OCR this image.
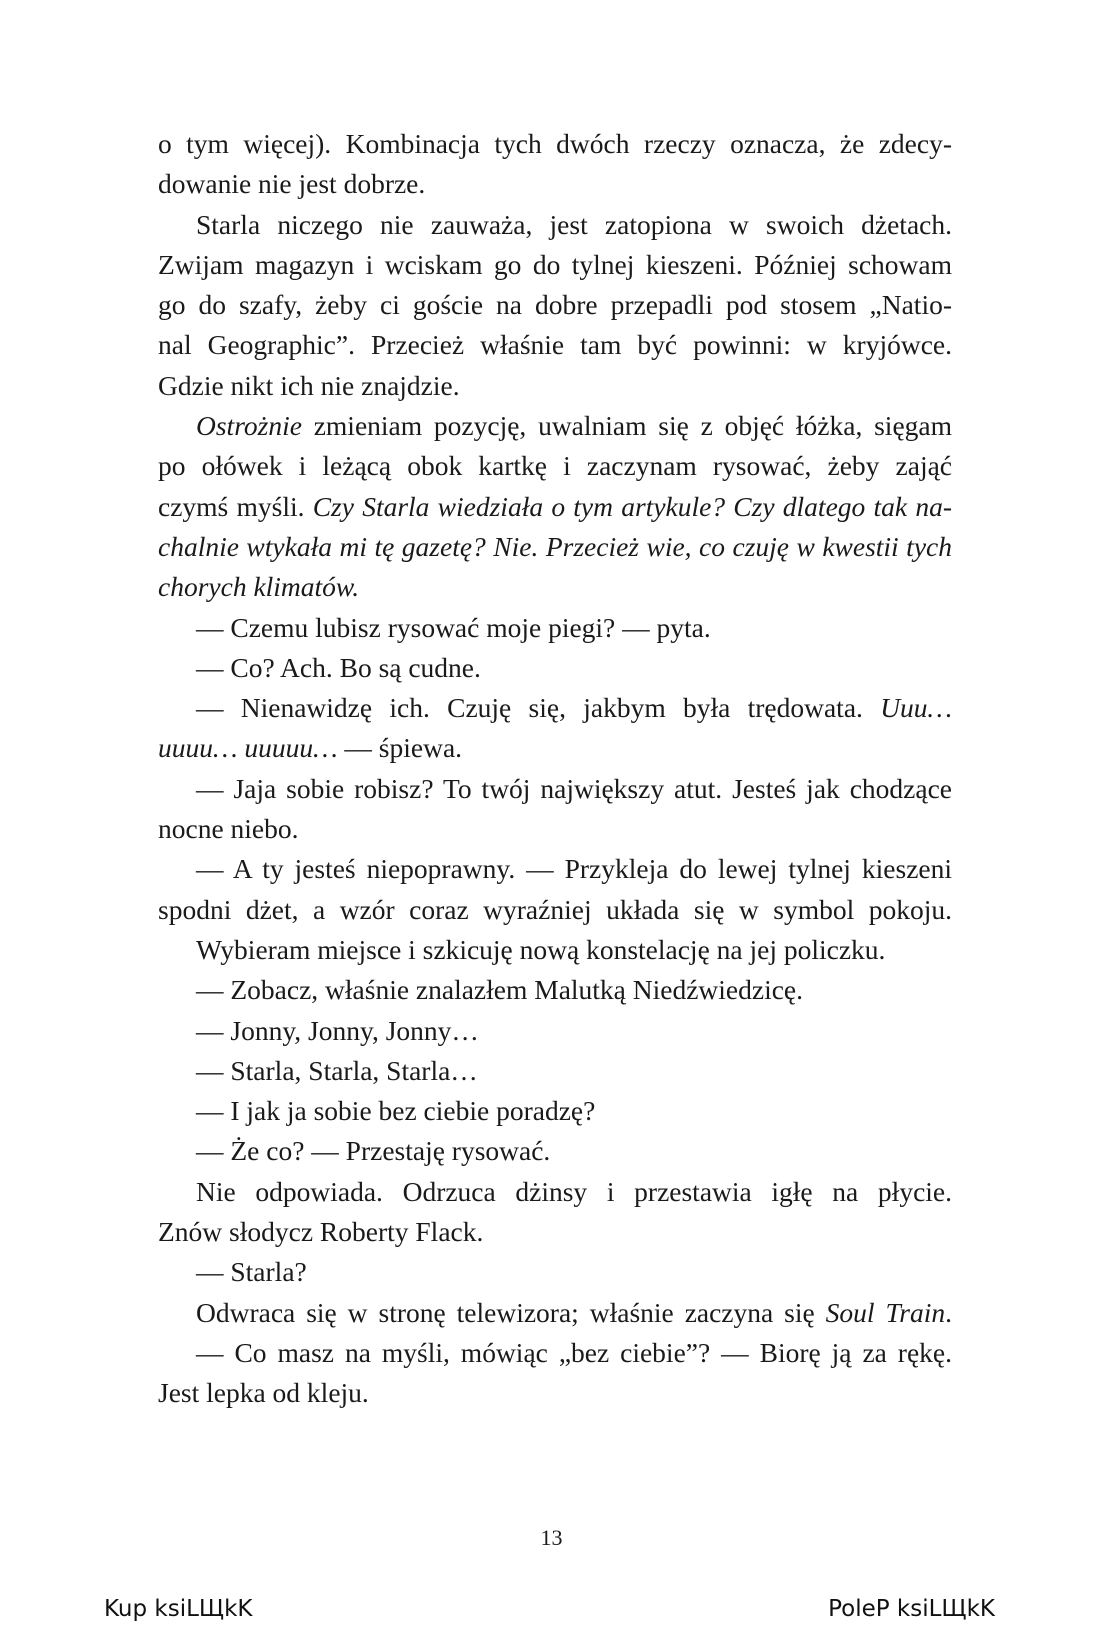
o tym więcej). Kombinacja tych dwóch rzeczy oznacza, że zdecy-
dowanie nie jest dobrze.
Starla niczego nie zauważa, jest zatopiona w swoich dżetach.
Zwijam magazyn i wciskam go do tylnej kieszeni. Później schowam
go do szafy, żeby ci goście na dobre przepadli pod stosem „Natio-
nal Geographic”. Przecież właśnie tam być powinni: w kryjówce.
Gdzie nikt ich nie znajdzie.
Ostrożnie zmieniam pozycję, uwalniam się z objęć łóżka, sięgam
po ołówek i leżącą obok kartkę i zaczynam rysować, żeby zająć
czymś myśli. Czy Starla wiedziała o tym artykule? Czy dlatego tak na-
chalnie wtykała mi tę gazetę? Nie. Przecież wie, co czuję w kwestii tych
chorych klimatów.
— Czemu lubisz rysować moje piegi? — pyta.
— Co? Ach. Bo są cudne.
— Nienawidzę ich. Czuję się, jakbym była trędowata. Uuu…
uuuu… uuuuu… — śpiewa.
— Jaja sobie robisz? To twój największy atut. Jesteś jak chodzące
nocne niebo.
— A ty jesteś niepoprawny. — Przykleja do lewej tylnej kieszeni
spodni dżet, a wzór coraz wyraźniej układa się w symbol pokoju.
Wybieram miejsce i szkicuję nową konstelację na jej policzku.
— Zobacz, właśnie znalazłem Malutką Niedźwiedzicę.
— Jonny, Jonny, Jonny…
— Starla, Starla, Starla…
— I jak ja sobie bez ciebie poradzę?
— Że co? — Przestaję rysować.
Nie odpowiada. Odrzuca dżinsy i przestawia igłę na płycie.
Znów słodycz Roberty Flack.
— Starla?
Odwraca się w stronę telewizora; właśnie zaczyna się Soul Train.
— Co masz na myśli, mówiąc „bez ciebie”? — Biorę ją za rękę.
Jest lepka od kleju.
13
Kup ksiLЩkK	PoleP ksiLЩkK
